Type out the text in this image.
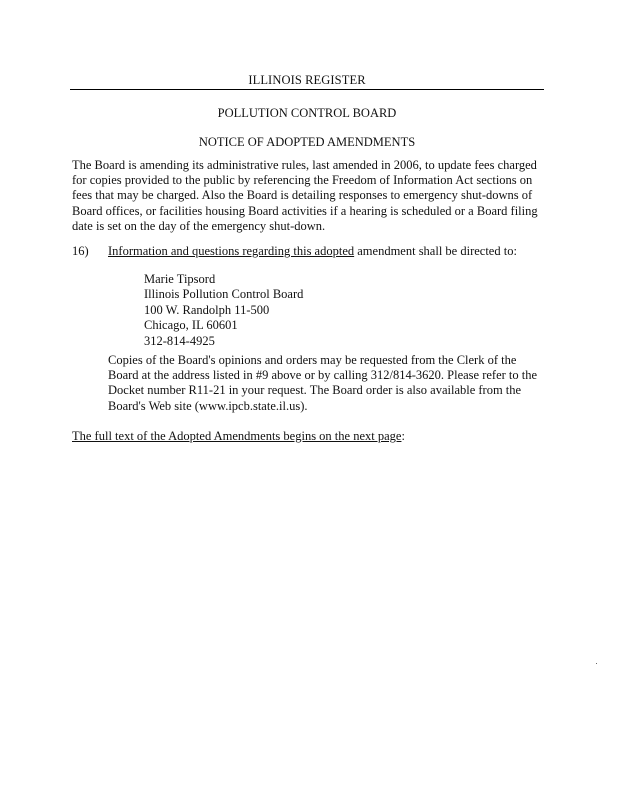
ILLINOIS REGISTER
POLLUTION CONTROL BOARD
NOTICE OF ADOPTED AMENDMENTS

The Board is amending its administrative rules, last amended in 2006, to update fees charged for copies provided to the public by referencing the Freedom of Information Act sections on fees that may be charged. Also the Board is detailing responses to emergency shut-downs of Board offices, or facilities housing Board activities if a hearing is scheduled or a Board filing date is set on the day of the emergency shut-down.

16) Information and questions regarding this adopted amendment shall be directed to:
Marie Tipsord
Illinois Pollution Control Board
100 W. Randolph 11-500
Chicago, IL 60601
312-814-4925

Copies of the Board's opinions and orders may be requested from the Clerk of the Board at the address listed in #9 above or by calling 312/814-3620. Please refer to the Docket number R11-21 in your request. The Board order is also available from the Board's Web site (www.ipcb.state.il.us).

The full text of the Adopted Amendments begins on the next page:
